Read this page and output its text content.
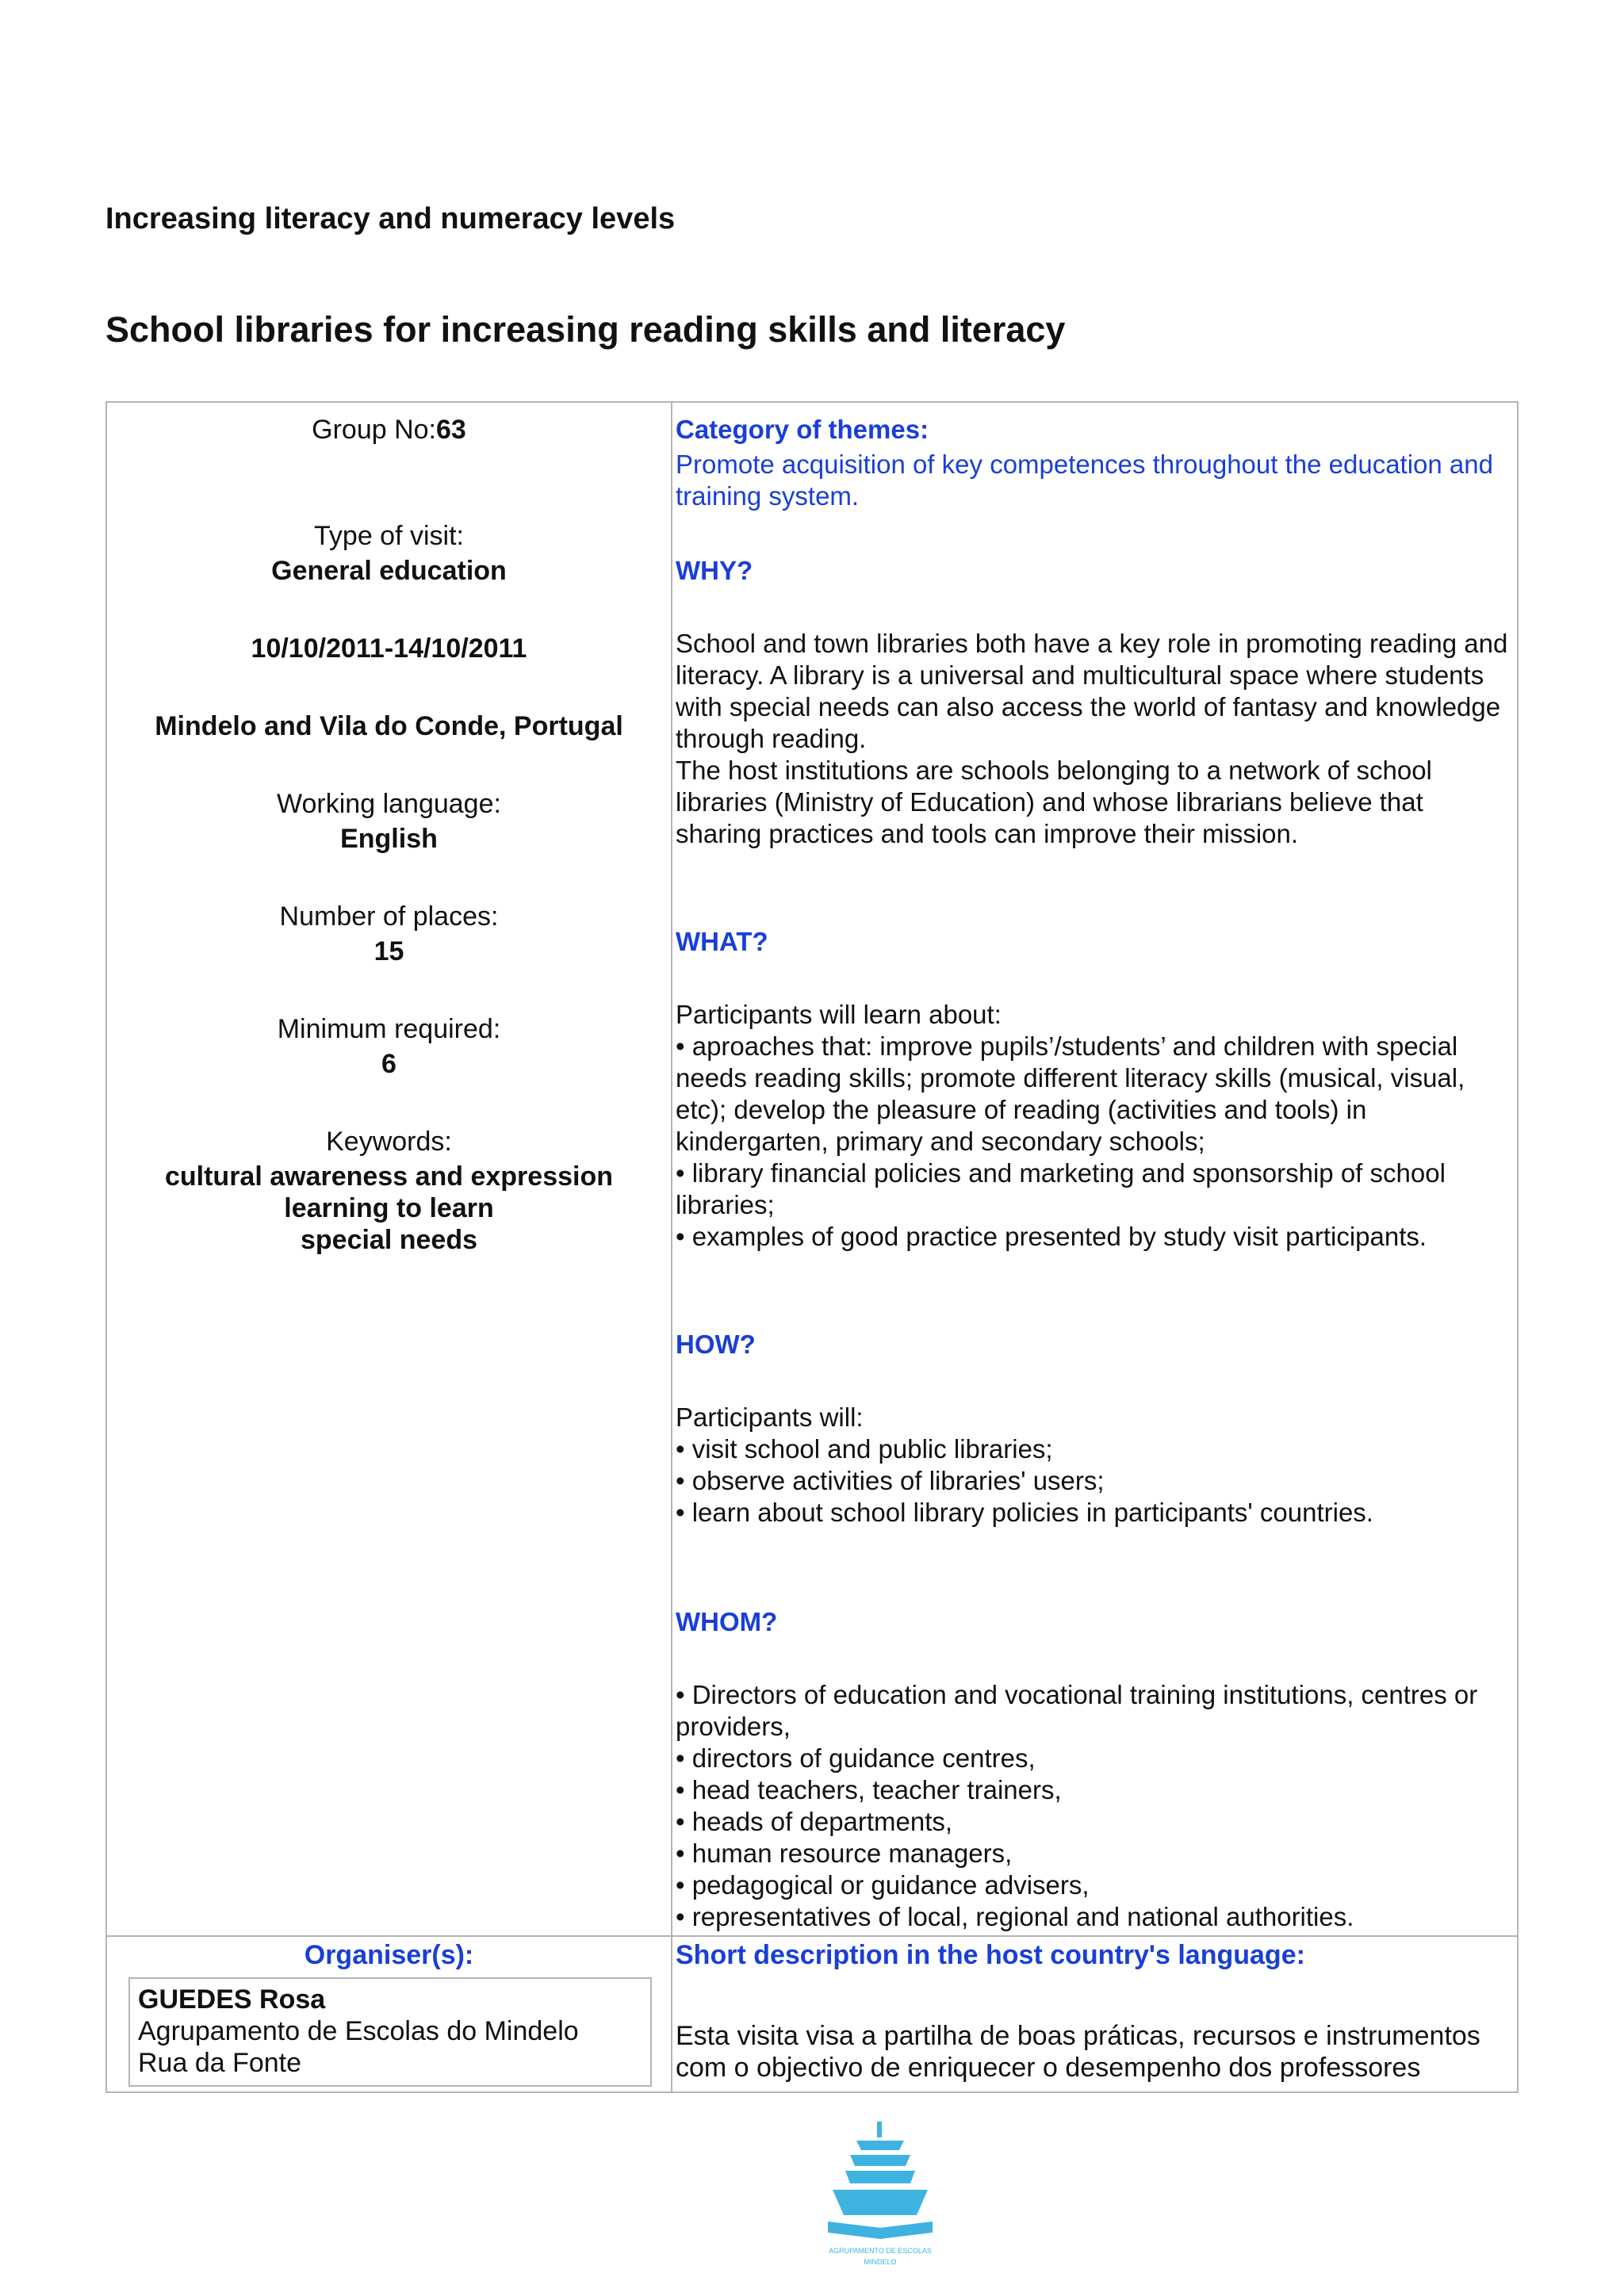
Increasing literacy and numeracy levels
School libraries for increasing reading skills and literacy
Group No:63
Type of visit:
General education
10/10/2011-14/10/2011
Mindelo and Vila do Conde, Portugal
Working language:
English
Number of places:
15
Minimum required:
6
Keywords:
cultural awareness and expression
learning to learn
special needs
Category of themes:
Promote acquisition of key competences throughout the education and training system.
WHY?

School and town libraries both have a key role in promoting reading and literacy. A library is a universal and multicultural space where students with special needs can also access the world of fantasy and knowledge through reading.

The host institutions are schools belonging to a network of school libraries (Ministry of Education) and whose librarians believe that sharing practices and tools can improve their mission.

WHAT?

Participants will learn about:

• aproaches that: improve pupils’/students’ and children with special needs reading skills; promote different literacy skills (musical, visual, etc); develop the pleasure of reading (activities and tools) in kindergarten, primary and secondary schools;

• library financial policies and marketing and sponsorship of school libraries;

• examples of good practice presented by study visit participants.

HOW?

Participants will:

• visit school and public libraries;

• observe activities of libraries' users;

• learn about school library policies in participants' countries.

WHOM?

• Directors of education and vocational training institutions, centres or providers,

• directors of guidance centres,

• head teachers, teacher trainers,

• heads of departments,

• human resource managers,

• pedagogical or guidance advisers,

• representatives of local, regional and national authorities.

Organiser(s):
GUEDES Rosa
Agrupamento de Escolas do Mindelo
Rua da Fonte
Short description in the host country's language:
Esta visita visa a partilha de boas práticas, recursos e instrumentos com o objectivo de enriquecer o desempenho dos professores
AGRUPAMENTO DE ESCOLAS
MINDELO
